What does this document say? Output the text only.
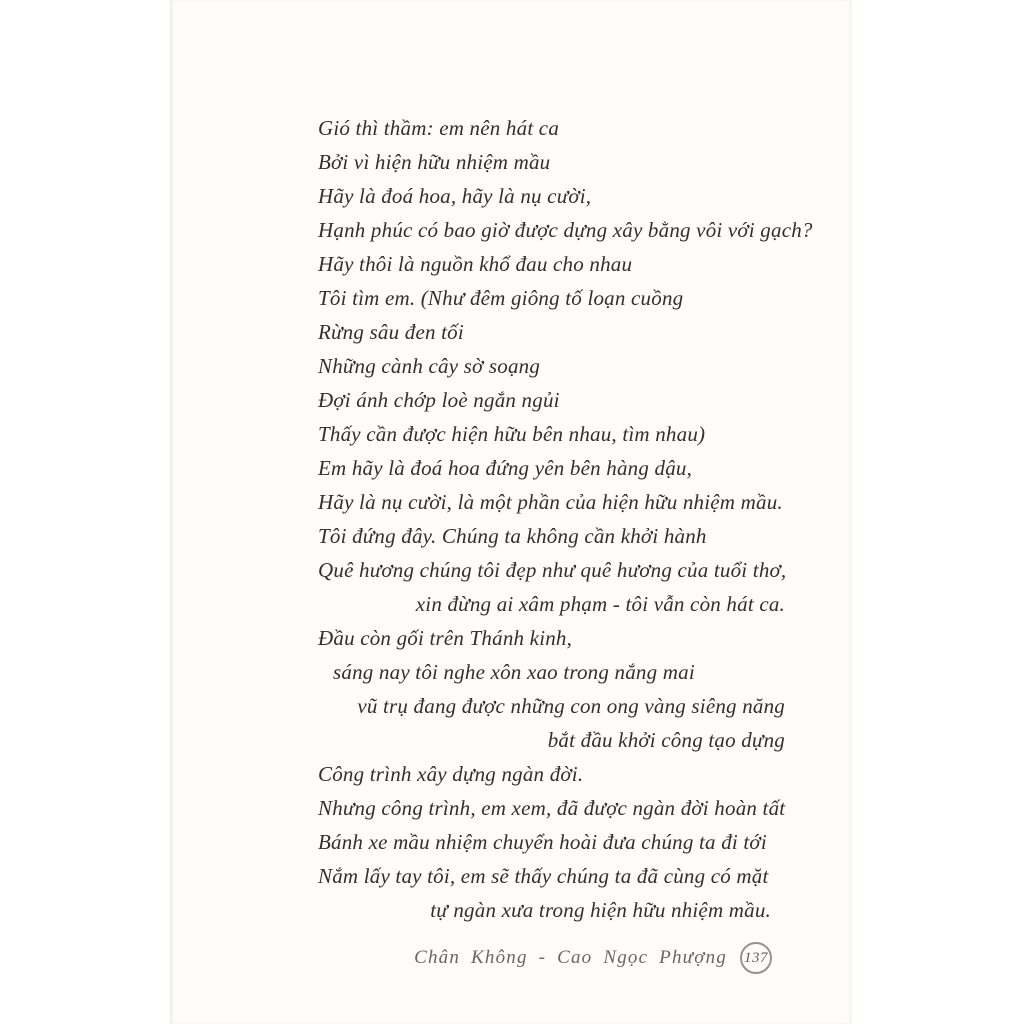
Gió thì thầm: em nên hát ca
Bởi vì hiện hữu nhiệm mầu
Hãy là đoá hoa, hãy là nụ cười,
Hạnh phúc có bao giờ được dựng xây bằng vôi với gạch?
Hãy thôi là nguồn khổ đau cho nhau
Tôi tìm em. (Như đêm giông tố loạn cuồng
Rừng sâu đen tối
Những cành cây sờ soạng
Đợi ánh chớp loè ngắn ngủi
Thấy cần được hiện hữu bên nhau, tìm nhau)
Em hãy là đoá hoa đứng yên bên hàng dậu,
Hãy là nụ cười, là một phần của hiện hữu nhiệm mầu.
Tôi đứng đây. Chúng ta không cần khởi hành
Quê hương chúng tôi đẹp như quê hương của tuổi thơ,
xin đừng ai xâm phạm - tôi vẫn còn hát ca.
Đầu còn gối trên Thánh kinh,
sáng nay tôi nghe xôn xao trong nắng mai
vũ trụ đang được những con ong vàng siêng năng
bắt đầu khởi công tạo dựng
Công trình xây dựng ngàn đời.
Nhưng công trình, em xem, đã được ngàn đời hoàn tất
Bánh xe mầu nhiệm chuyển hoài đưa chúng ta đi tới
Nắm lấy tay tôi, em sẽ thấy chúng ta đã cùng có mặt
tự ngàn xưa trong hiện hữu nhiệm mầu.
Chân Không - Cao Ngọc Phượng 137
